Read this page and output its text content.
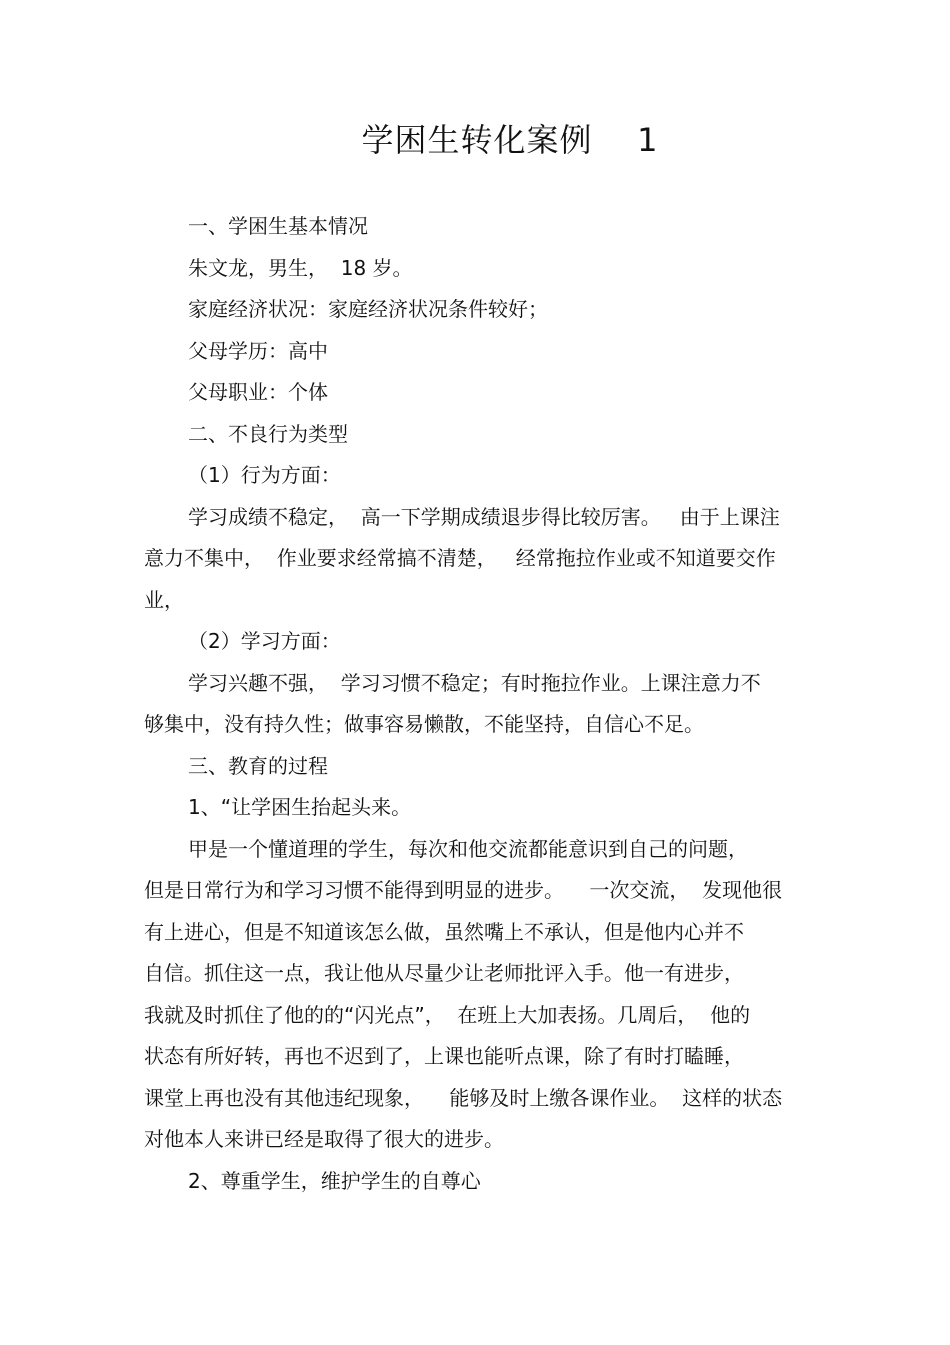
学困生转化案例    1
一、学困生基本情况
朱文龙，男生，  18 岁。
家庭经济状况：家庭经济状况条件较好；
父母学历：高中
父母职业：个体
二、不良行为类型
（1）行为方面：
学习成绩不稳定，  高一下学期成绩退步得比较厉害。   由于上课注
意力不集中，  作业要求经常搞不清楚，   经常拖拉作业或不知道要交作
业，
（2）学习方面：
学习兴趣不强，  学习习惯不稳定；有时拖拉作业。上课注意力不
够集中，没有持久性；做事容易懒散，不能坚持，自信心不足。
三、教育的过程
1、“让学困生抬起头来。
甲是一个懂道理的学生，每次和他交流都能意识到自己的问题，
但是日常行为和学习习惯不能得到明显的进步。    一次交流，  发现他很
有上进心，但是不知道该怎么做，虽然嘴上不承认，但是他内心并不
自信。抓住这一点，我让他从尽量少让老师批评入手。他一有进步，
我就及时抓住了他的的“闪光点”，  在班上大加表扬。几周后，  他的
状态有所好转，再也不迟到了，上课也能听点课，除了有时打瞌睡，
课堂上再也没有其他违纪现象，    能够及时上缴各课作业。  这样的状态
对他本人来讲已经是取得了很大的进步。
2、尊重学生，维护学生的自尊心
